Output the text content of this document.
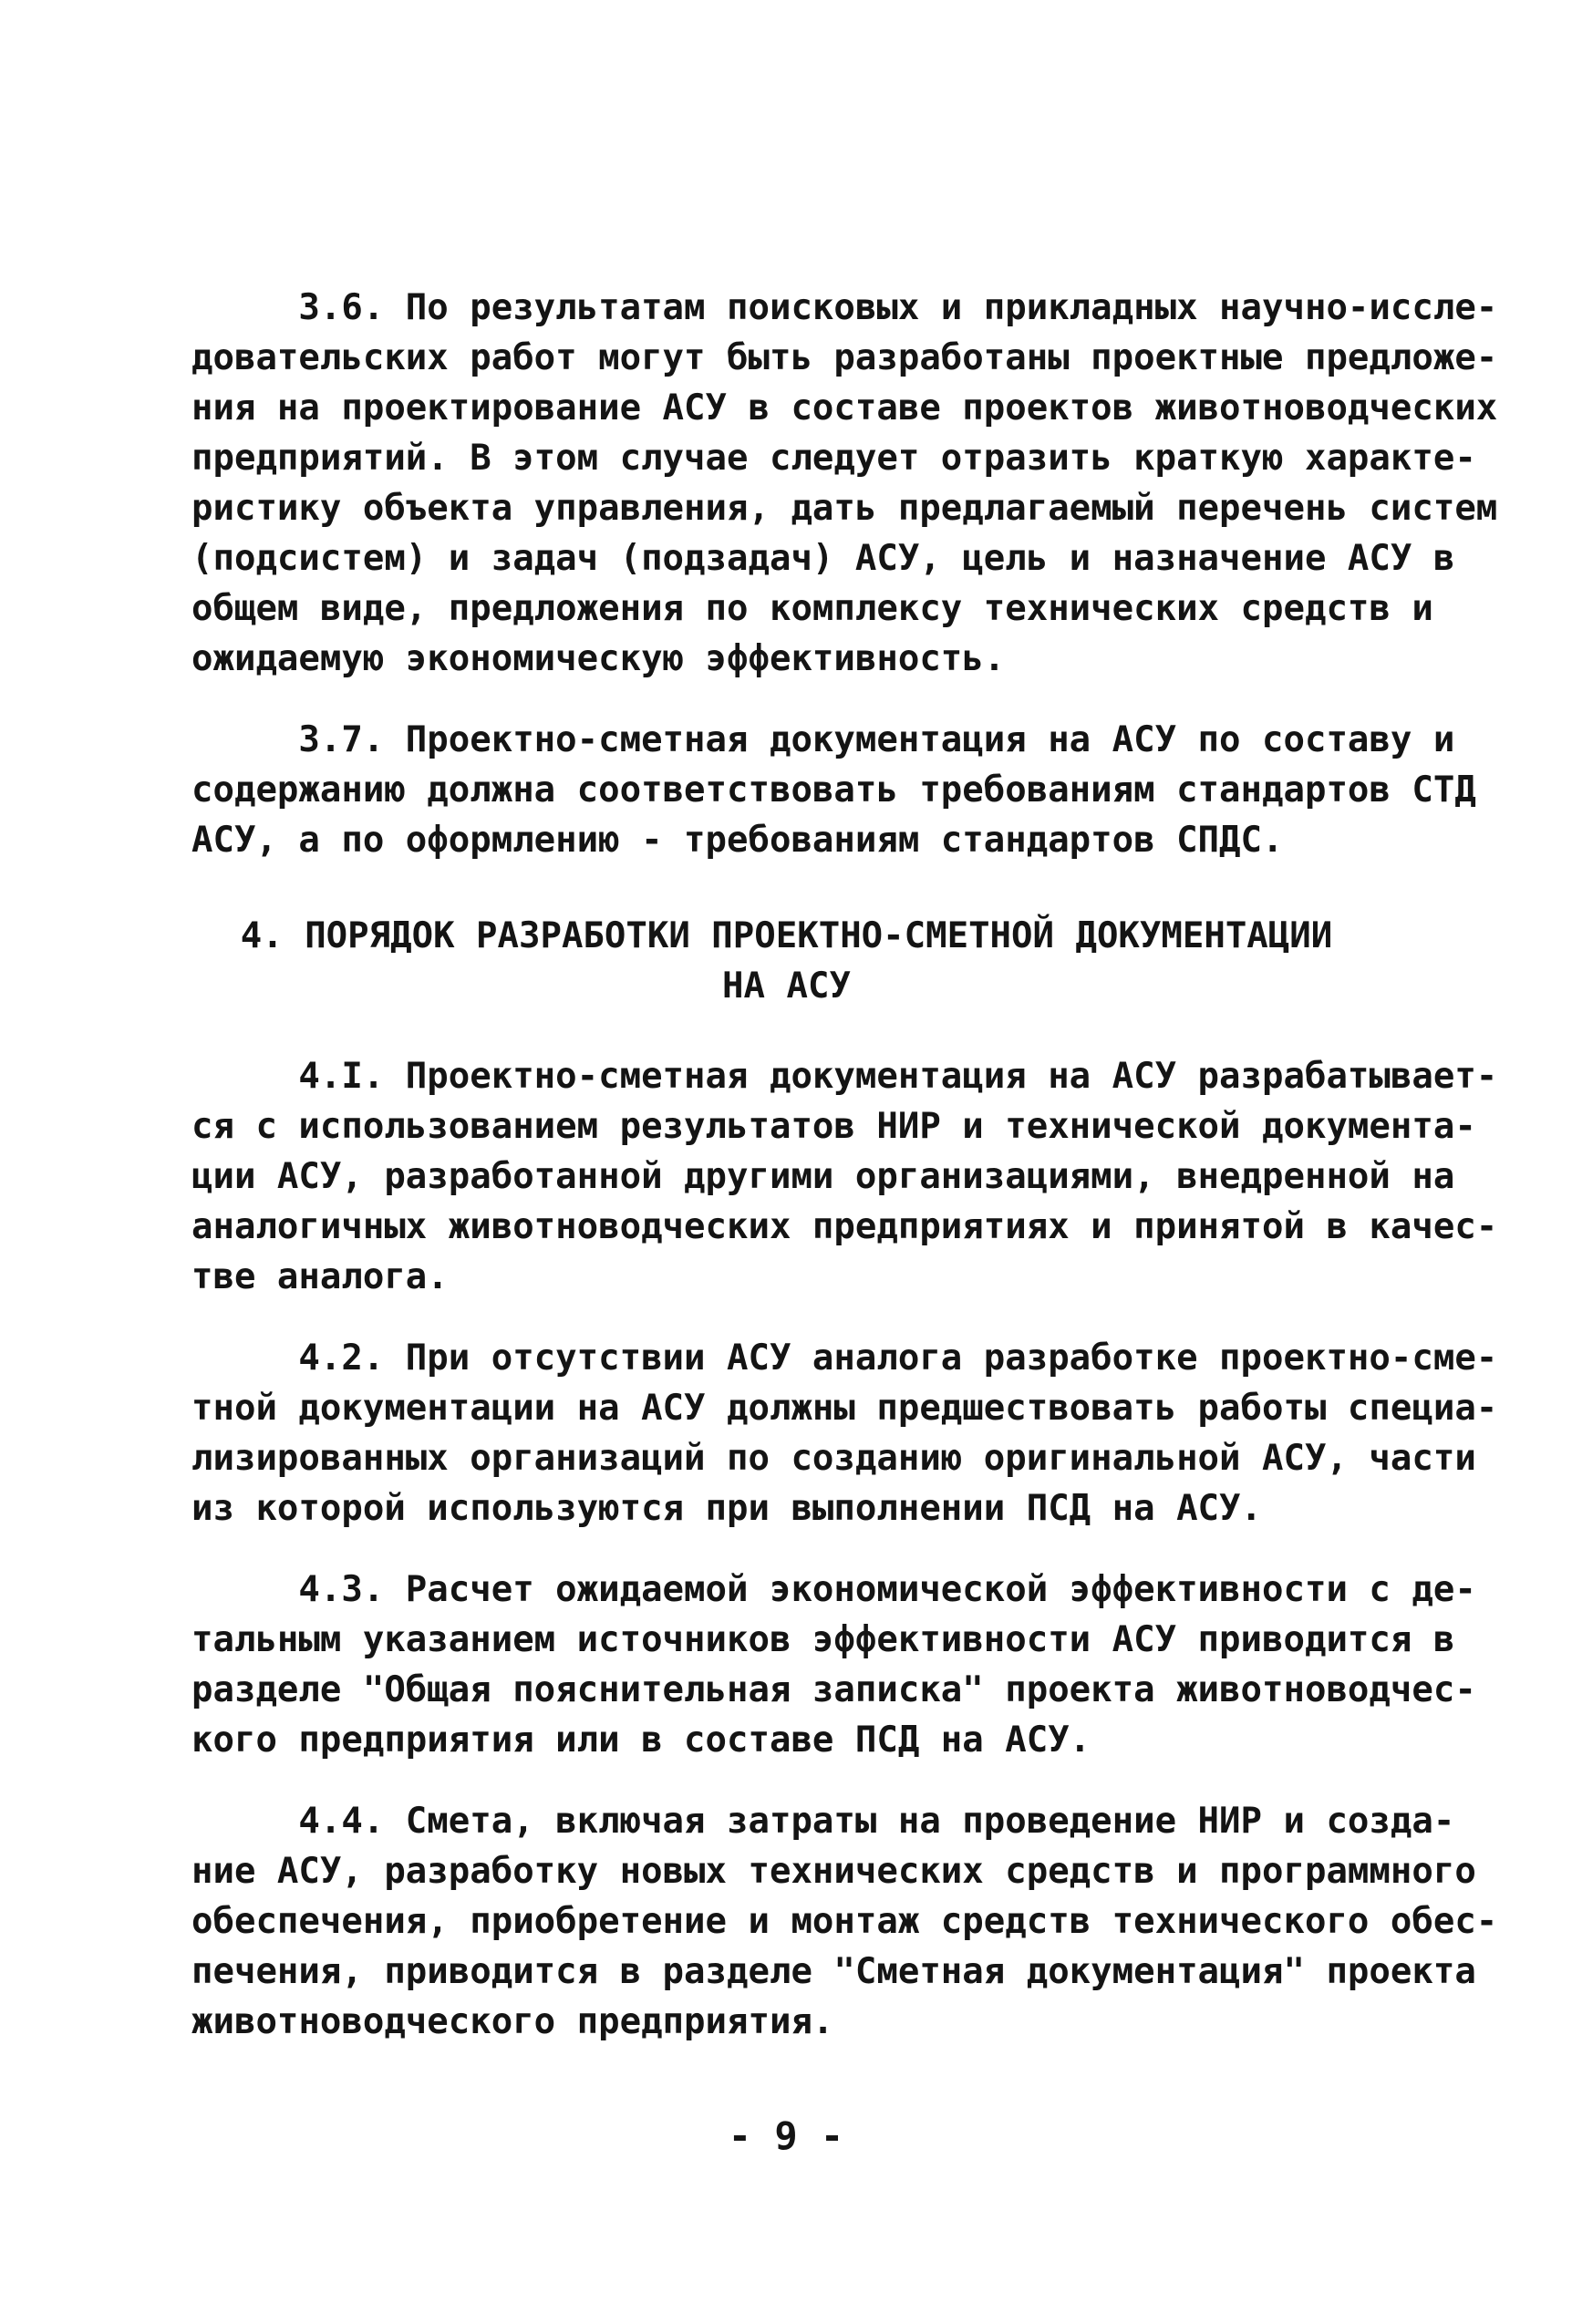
3.6. По результатам поисковых и прикладных научно-иссле-
довательских работ могут быть разработаны проектные предложе-
ния на проектирование АСУ в составе проектов животноводческих
предприятий. В этом случае следует отразить краткую характе-
ристику объекта управления, дать предлагаемый перечень систем
(подсистем) и задач (подзадач) АСУ, цель и назначение АСУ в
общем виде, предложения по комплексу технических средств и
ожидаемую экономическую эффективность.
3.7. Проектно-сметная документация на АСУ по составу и
содержанию должна соответствовать требованиям стандартов СТД
АСУ, а по оформлению - требованиям стандартов СПДС.
4. ПОРЯДОК РАЗРАБОТКИ ПРОЕКТНО-СМЕТНОЙ ДОКУМЕНТАЦИИ
НА АСУ
4.I. Проектно-сметная документация на АСУ разрабатывает-
ся с использованием результатов НИР и технической документа-
ции АСУ, разработанной другими организациями, внедренной на
аналогичных животноводческих предприятиях и принятой в качес-
тве аналога.
4.2. При отсутствии АСУ аналога разработке проектно-сме-
тной документации на АСУ должны предшествовать работы специа-
лизированных организаций по созданию оригинальной АСУ, части
из которой используются при выполнении ПСД на АСУ.
4.3. Расчет ожидаемой экономической эффективности с де-
тальным указанием источников эффективности АСУ приводится в
разделе "Общая пояснительная записка" проекта животноводчес-
кого предприятия или в составе ПСД на АСУ.
4.4. Смета, включая затраты на проведение НИР и созда-
ние АСУ, разработку новых технических средств и программного
обеспечения, приобретение и монтаж средств технического обес-
печения, приводится в разделе "Сметная документация" проекта
животноводческого предприятия.
- 9 -
